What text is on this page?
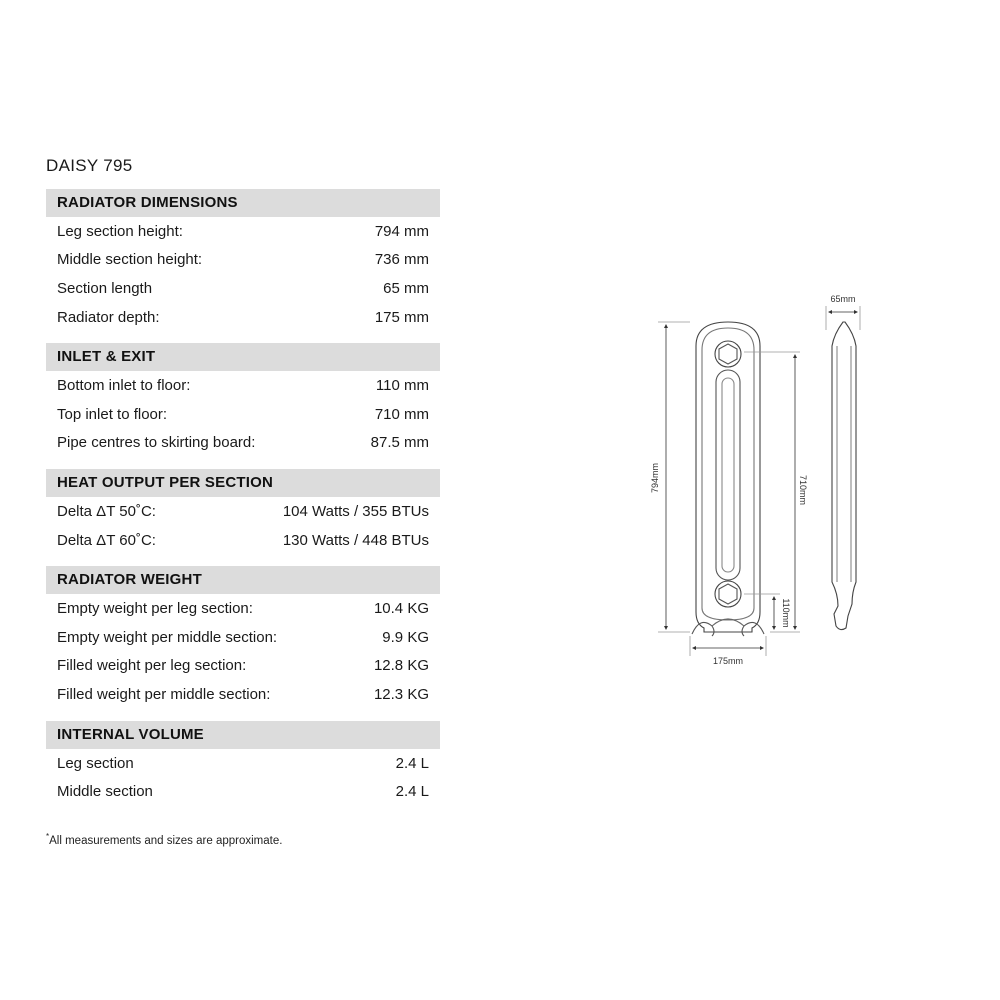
DAISY 795
RADIATOR DIMENSIONS
Leg section height:	794 mm
Middle section height:	736 mm
Section length	65 mm
Radiator depth:	175 mm
INLET & EXIT
Bottom inlet to floor:	110 mm
Top inlet to floor:	710 mm
Pipe centres to skirting board:	87.5 mm
HEAT OUTPUT PER SECTION
Delta ΔT 50˚C:	104 Watts / 355 BTUs
Delta ΔT 60˚C:	130 Watts / 448 BTUs
RADIATOR WEIGHT
Empty weight per leg section:	10.4 KG
Empty weight per middle section:	9.9 KG
Filled weight per leg section:	12.8 KG
Filled weight per middle section:	12.3 KG
INTERNAL VOLUME
Leg section	2.4 L
Middle section	2.4 L
*All measurements and sizes are approximate.
794mm	710mm
110mm
175mm
65mm
